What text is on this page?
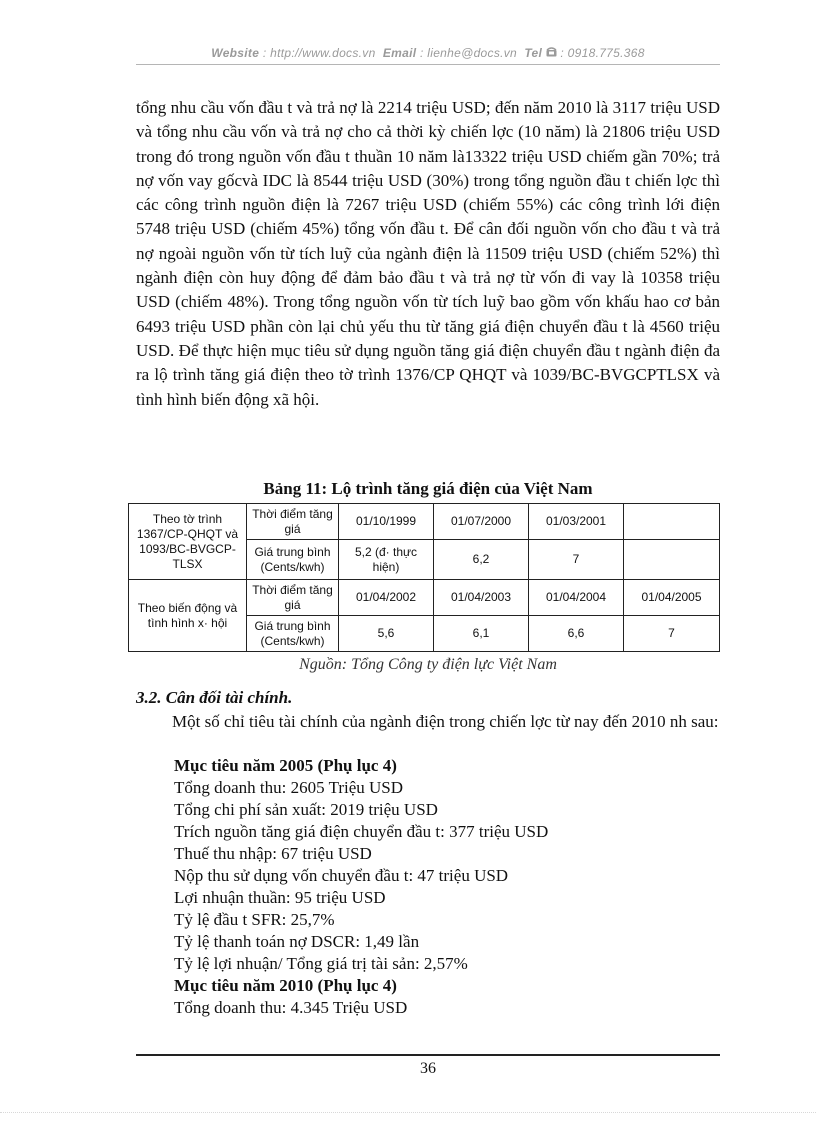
Website : http://www.docs.vn Email : lienhe@docs.vn Tel : 0918.775.368
tổng nhu cầu vốn đầu t và trả nợ là 2214 triệu USD; đến năm 2010 là 3117 triệu USD và tổng nhu cầu vốn và trả nợ cho cả thời kỳ chiến lợc (10 năm) là 21806 triệu USD trong đó trong nguồn vốn đầu t thuần 10 năm là13322 triệu USD chiếm gần 70%; trả nợ vốn vay gốcvà IDC là 8544 triệu USD (30%) trong tổng nguồn đầu t chiến lợc thì các công trình nguồn điện là 7267 triệu USD (chiếm 55%) các công trình lới điện 5748 triệu USD (chiếm 45%) tổng vốn đầu t. Để cân đối nguồn vốn cho đầu t và trả nợ ngoài nguồn vốn từ tích luỹ của ngành điện là 11509 triệu USD (chiếm 52%) thì ngành điện còn huy động để đảm bảo đầu t và trả nợ từ vốn đi vay là 10358 triệu USD (chiếm 48%). Trong tổng nguồn vốn từ tích luỹ bao gồm vốn khấu hao cơ bản 6493 triệu USD phần còn lại chủ yếu thu từ tăng giá điện chuyển đầu t là 4560 triệu USD. Để thực hiện mục tiêu sử dụng nguồn tăng giá điện chuyển đầu t ngành điện đa ra lộ trình tăng giá điện theo tờ trình 1376/CP QHQT và 1039/BC-BVGCPTLSX và tình hình biến động xã hội.
Bảng 11: Lộ trình tăng giá điện của Việt Nam
Theo tờ trình 1367/CP-QHQT và 1093/BC-BVGCP-TLSX	Thời điểm tăng giá	01/10/1999	01/07/2000	01/03/2001	
	Giá trung bình (Cents/kwh)	5,2 (đ· thực hiện)	6,2	7	
Theo biến động và tình hình x· hội	Thời điểm tăng giá	01/04/2002	01/04/2003	01/04/2004	01/04/2005
	Giá trung bình (Cents/kwh)	5,6	6,1	6,6	7
Nguồn: Tổng Công ty điện lực Việt Nam
3.2. Cân đối tài chính.

Một số chỉ tiêu tài chính của ngành điện trong chiến lợc từ nay đến 2010 nh sau:

Mục tiêu năm 2005 (Phụ lục 4)
Tổng doanh thu: 2605 Triệu USD
Tổng chi phí sản xuất: 2019 triệu USD
Trích nguồn tăng giá điện chuyển đầu t: 377 triệu USD
Thuế thu nhập: 67 triệu USD
Nộp thu sử dụng vốn chuyển đầu t: 47 triệu USD
Lợi nhuận thuần: 95 triệu USD
Tỷ lệ đầu t SFR: 25,7%
Tỷ lệ thanh toán nợ DSCR: 1,49 lần
Tỷ lệ lợi nhuận/ Tổng giá trị tài sản: 2,57%
Mục tiêu năm 2010 (Phụ lục 4)
Tổng doanh thu: 4.345 Triệu USD
36
